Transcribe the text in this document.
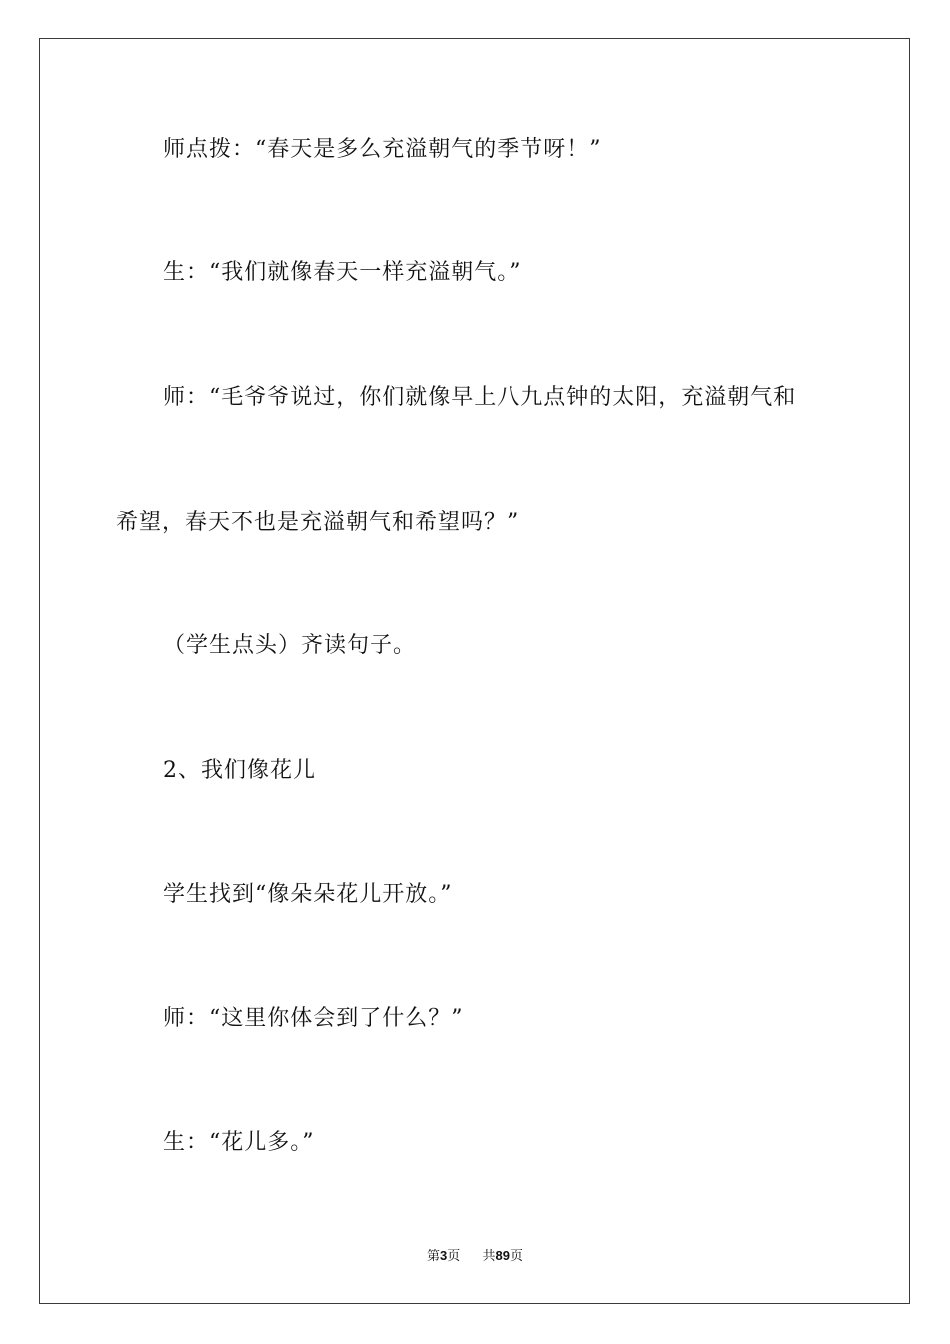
师点拨：“春天是多么充溢朝气的季节呀！”
生：“我们就像春天一样充溢朝气。”
师：“毛爷爷说过，你们就像早上八九点钟的太阳，充溢朝气和
希望，春天不也是充溢朝气和希望吗？”
（学生点头）齐读句子。
2、我们像花儿
学生找到“像朵朵花儿开放。”
师：“这里你体会到了什么？”
生：“花儿多。”
第3页 共89页
